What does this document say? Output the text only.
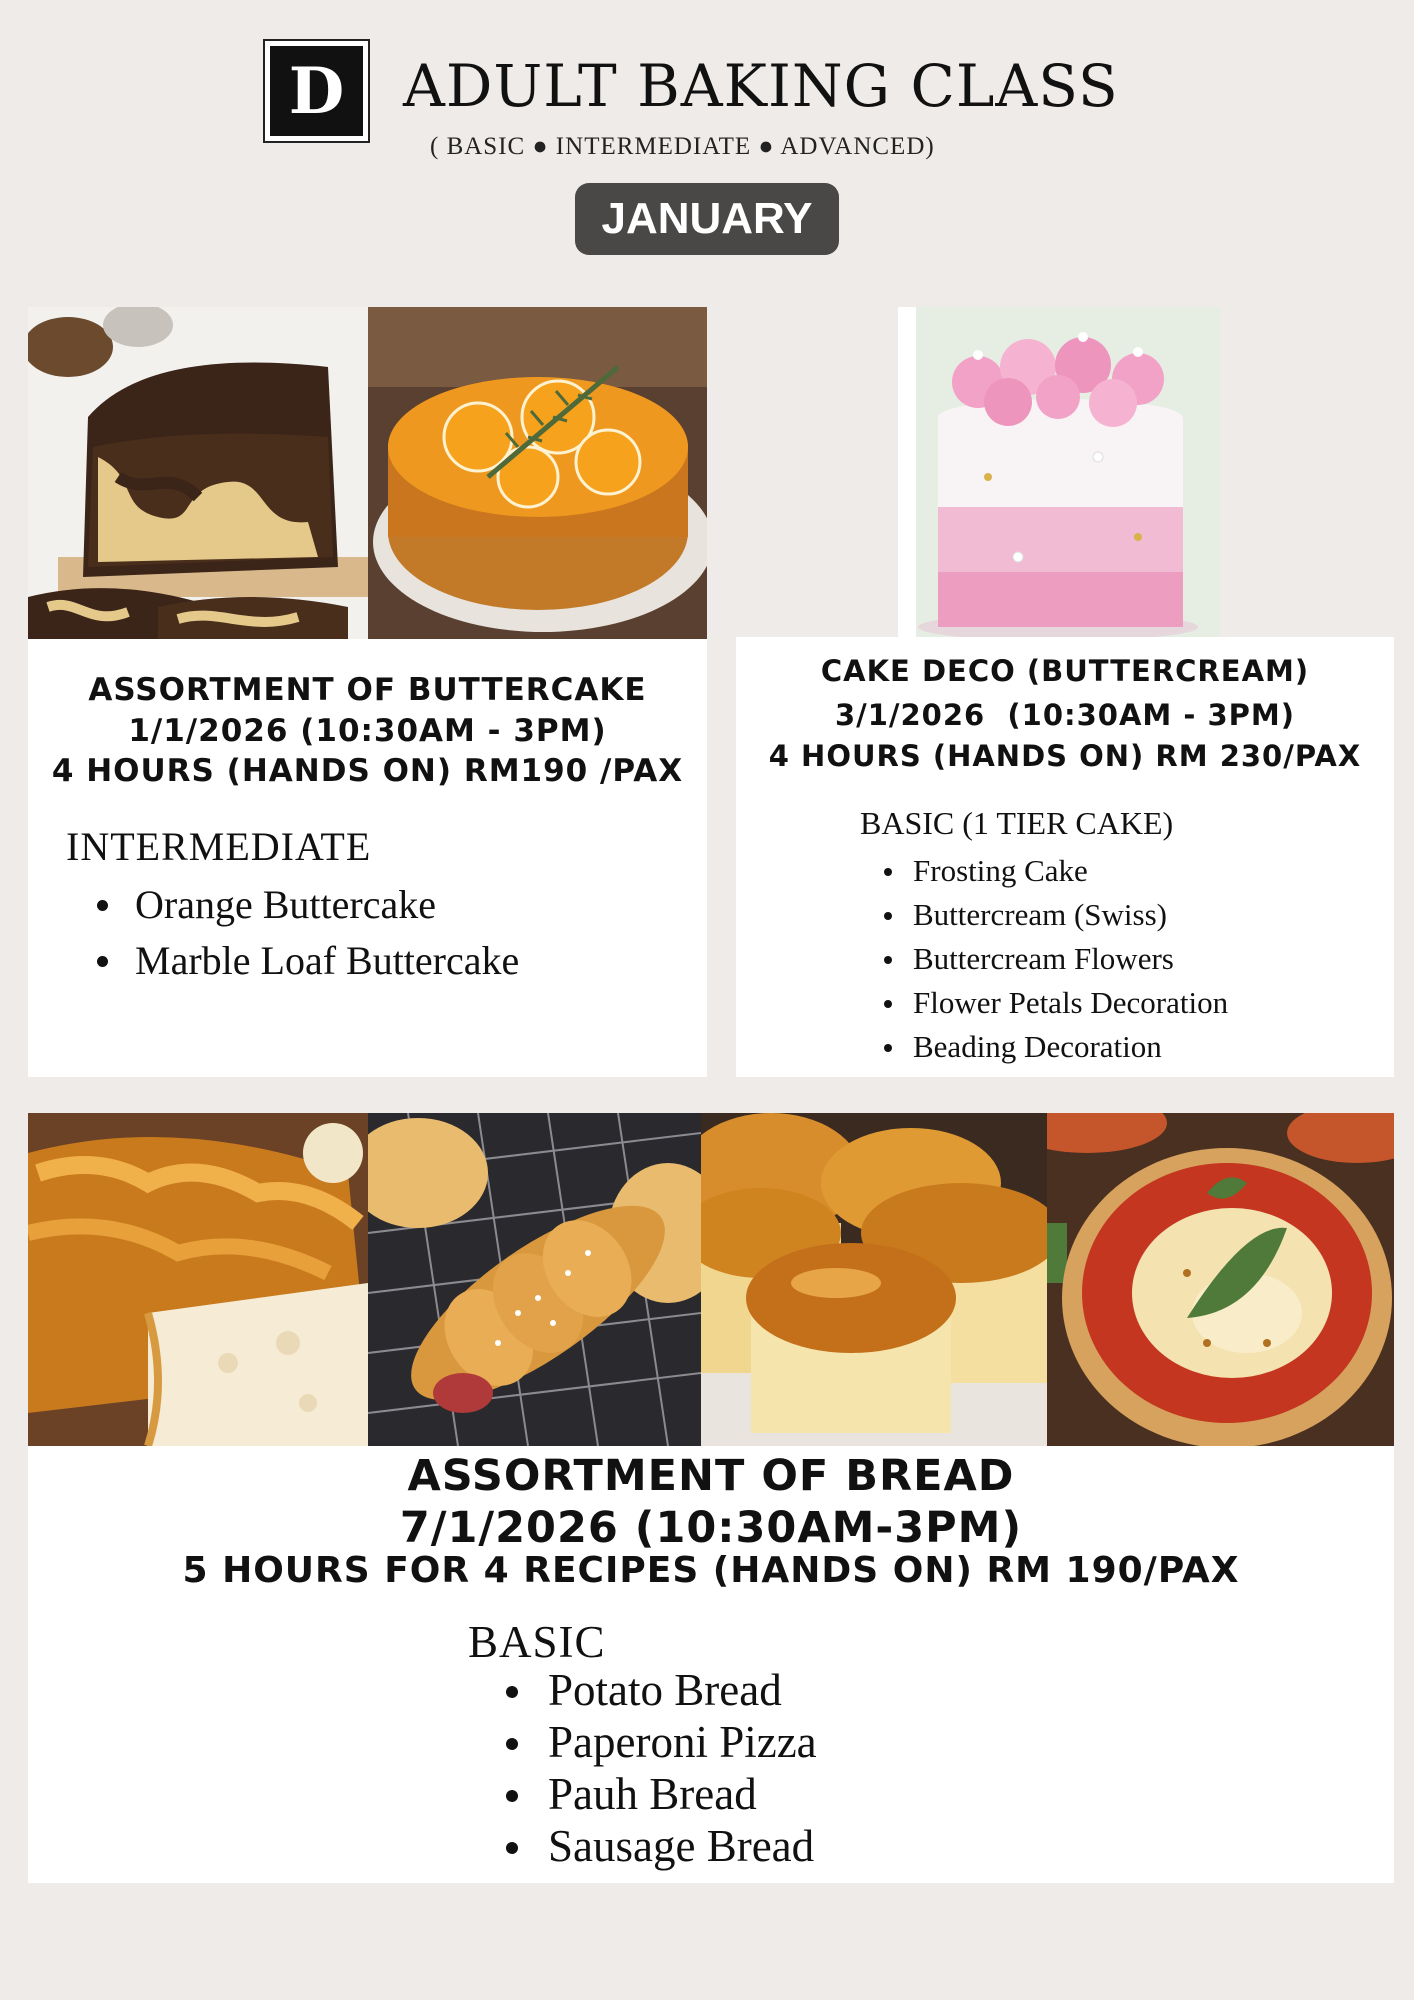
D	ADULT BAKING CLASS
( BASIC ● INTERMEDIATE ● ADVANCED)
JANUARY
ASSORTMENT OF BUTTERCAKE
1/1/2026 (10:30AM - 3PM)
4 HOURS (HANDS ON) RM190 /PAX
INTERMEDIATE
Orange Buttercake
Marble Loaf Buttercake
CAKE DECO (BUTTERCREAM)
3/1/2026  (10:30AM - 3PM)
4 HOURS (HANDS ON) RM 230/PAX
BASIC (1 TIER CAKE)
Frosting Cake
Buttercream (Swiss)
Buttercream Flowers
Flower Petals Decoration
Beading Decoration
ASSORTMENT OF BREAD
7/1/2026 (10:30AM-3PM)
5 HOURS FOR 4 RECIPES (HANDS ON) RM 190/PAX
BASIC
Potato Bread
Paperoni Pizza
Pauh Bread
Sausage Bread
